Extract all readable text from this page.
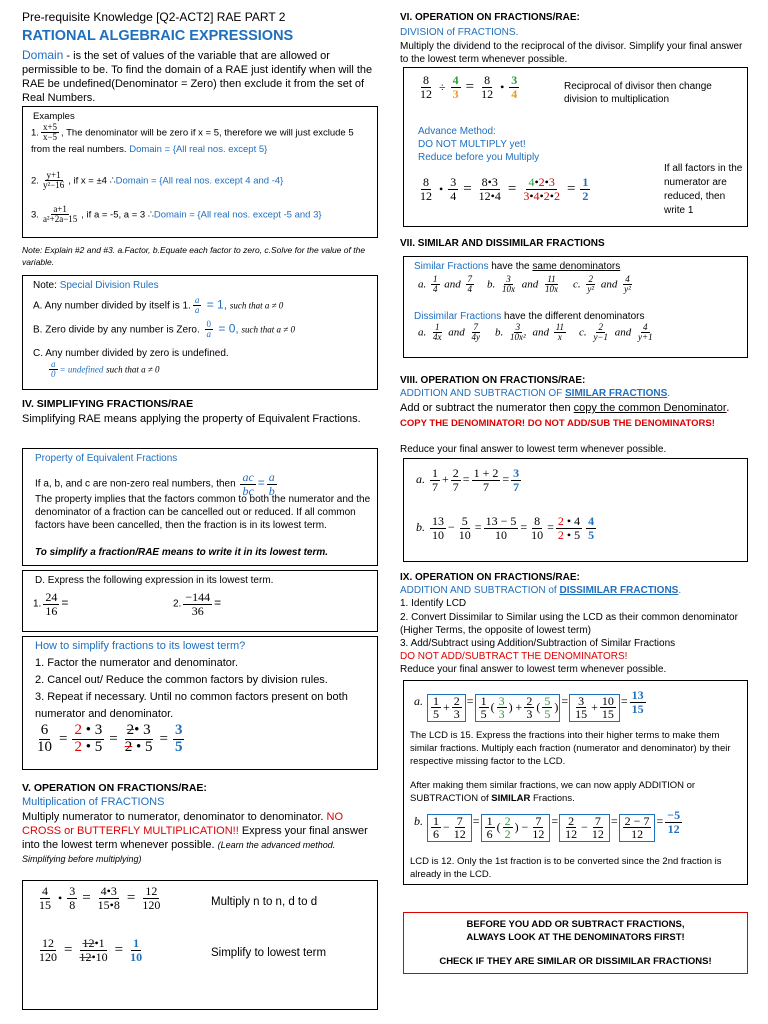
Pre-requisite Knowledge [Q2-ACT2] RAE PART 2
RATIONAL ALGEBRAIC EXPRESSIONS
Domain - is the set of values of the variable that are allowed or permissible to be. To find the domain of a RAE just identify when will the RAE be undefined(Denominator = Zero) then exclude it from the set of Real Numbers.
Examples
1. $\frac{x+5}{x-5}$ , The denominator will be zero if x = 5, therefore we will just exclude 5 from the real numbers. Domain = {All real nos. except 5}
2. $\frac{y+1}{\text{y²−16}}$ , if x = ±4 ∴Domain = {All real nos. except 4 and -4}
3. $\frac{a+1}{\text{a²+2a−15}}$ , if a = -5, a = 3 ∴Domain = {All real nos. except -5 and 3}
Note: Explain #2 and #3. a.Factor, b.Equate each factor to zero, c.Solve for the value of the variable.
Note: Special Division Rules
A. Any number divided by itself is 1. $\frac{a}{a} = 1$, such that a ≠ 0
B. Zero divide by any number is Zero. $\frac{0}{a} = 0$, such that a ≠ 0
C. Any number divided by zero is undefined.
$\frac{a}{0}$ = undefined such that a ≠ 0
IV. SIMPLIFYING FRACTIONS/RAE
Simplifying RAE means applying the property of Equivalent Fractions.
Property of Equivalent Fractions
If a, b, and c are non-zero real numbers, then $\frac{ac}{bc} = \frac{a}{b}$
The property implies that the factors common to both the numerator and the denominator of a fraction can be cancelled out or reduced. If all common factors have been cancelled, then the fraction is in its lowest term.
To simplify a fraction/RAE means to write it in its lowest term.
D. Express the following expression in its lowest term.
1. $\frac{24}{16}$ =	2. $\frac{-144}{36}$ =
How to simplify fractions to its lowest term?
1. Factor the numerator and denominator.
2. Cancel out/ Reduce the common factors by division rules.
3. Repeat if necessary. Until no common factors present on both numerator and denominator.
$\frac{6}{10} = \frac{2 • 3}{2 • 5} = \frac{2• 3}{2 • 5} = \frac{3}{5}$
V. OPERATION ON FRACTIONS/RAE:
Multiplication of FRACTIONS
Multiply numerator to numerator, denominator to denominator. NO CROSS or BUTTERFLY MULTIPLICATION!! Express your final answer into the lowest term whenever possible. (Learn the advanced method. Simplifying before multiplying)
$\frac{4}{15}$ • $\frac{3}{8} = \frac{4•3}{15•8} = \frac{12}{120}$	Multiply n to n, d to d
$\frac{12}{120} = \frac{12•1}{12•10} = \frac{1}{10}$	Simplify to lowest term
VI. OPERATION ON FRACTIONS/RAE:
DIVISION of FRACTIONS.
Multiply the dividend to the reciprocal of the divisor. Simplify your final answer to the lowest term whenever possible.
$\frac{8}{12} \div \frac{4}{3} = \frac{8}{12}$ • $\frac{3}{4}$	Reciprocal of divisor then change division to multiplication
Advance Method:
DO NOT MULTIPLY yet!
Reduce before you Multiply
$\frac{8}{12}$ • $\frac{3}{4} = \frac{8•3}{12•4} = \frac{4•2•3}{3•4•2•2} = \frac{1}{2}$
If all factors in the numerator are reduced, then write 1
VII. SIMILAR AND DISSIMILAR FRACTIONS
Similar Fractions have the same denominators
a. $\frac{1}{4}$ and $\frac{7}{4} b$. $\frac{3}{10x}$ and $\frac{11}{10x} c$. $\frac{2}{\text{y²}}$ and $\frac{4}{\text{y²}}$
Dissimilar Fractions have the different denominators
a. $\frac{1}{4x}$ and $\frac{7}{4y} b$. $\frac{3}{\text{10x²}}$ and $\frac{11}{x} c$. $\frac{2}{y-1}$ and $\frac{4}{y+1}$
VIII. OPERATION ON FRACTIONS/RAE:
ADDITION AND SUBTRACTION OF SIMILAR FRACTIONS.
Add or subtract the numerator then copy the common Denominator. COPY THE DENOMINATOR! DO NOT ADD/SUB THE DENOMINATORS!
Reduce your final answer to lowest term whenever possible.
a. $\frac{1}{7} + \frac{2}{7} = \frac{1 + 2}{7} = \frac{3}{7}$
b. $\frac{13}{10} - \frac{5}{10} = \frac{13 - 5}{10} = \frac{8}{10} = \frac{2 • 4}{2 • 5} \frac{4}{5}$
IX. OPERATION ON FRACTIONS/RAE:
ADDITION AND SUBTRACTION of DISSIMILAR FRACTIONS.
1. Identify LCD
2. Convert Dissimilar to Similar using the LCD as their common denominator (Higher Terms, the opposite of lowest term)
3. Add/Subtract using Addition/Subtraction of Similar Fractions
DO NOT ADD/SUBTRACT THE DENOMINATORS!
Reduce your final answer to lowest term whenever possible.
a. $\frac{1}{5} + \frac{2}{3} = \frac{1}{5}$ ( $\frac{3}{3}$ ) + $\frac{2}{3}$ ( $\frac{5}{5}$ ) = $\frac{3}{15} + \frac{10}{15} = \frac{13}{15}$
The LCD is 15. Express the fractions into their higher terms to make them similar fractions. Multiply each fraction (numerator and denominator) by their respective missing factor to the LCD.
After making them similar fractions, we can now apply ADDITION or SUBTRACTION of SIMILAR Fractions.
b. $\frac{1}{6} - \frac{7}{12} = \frac{1}{6}$ ( $\frac{2}{2}$ ) − $\frac{7}{12} = \frac{2}{12} - \frac{7}{12} = \frac{2 - 7}{12} = \frac{-5}{12}$
LCD is 12. Only the 1st fraction is to be converted since the 2nd fraction is already in the LCD.
BEFORE YOU ADD OR SUBTRACT FRACTIONS,
ALWAYS LOOK AT THE DENOMINATORS FIRST!
CHECK IF THEY ARE SIMILAR OR DISSIMILAR FRACTIONS!
